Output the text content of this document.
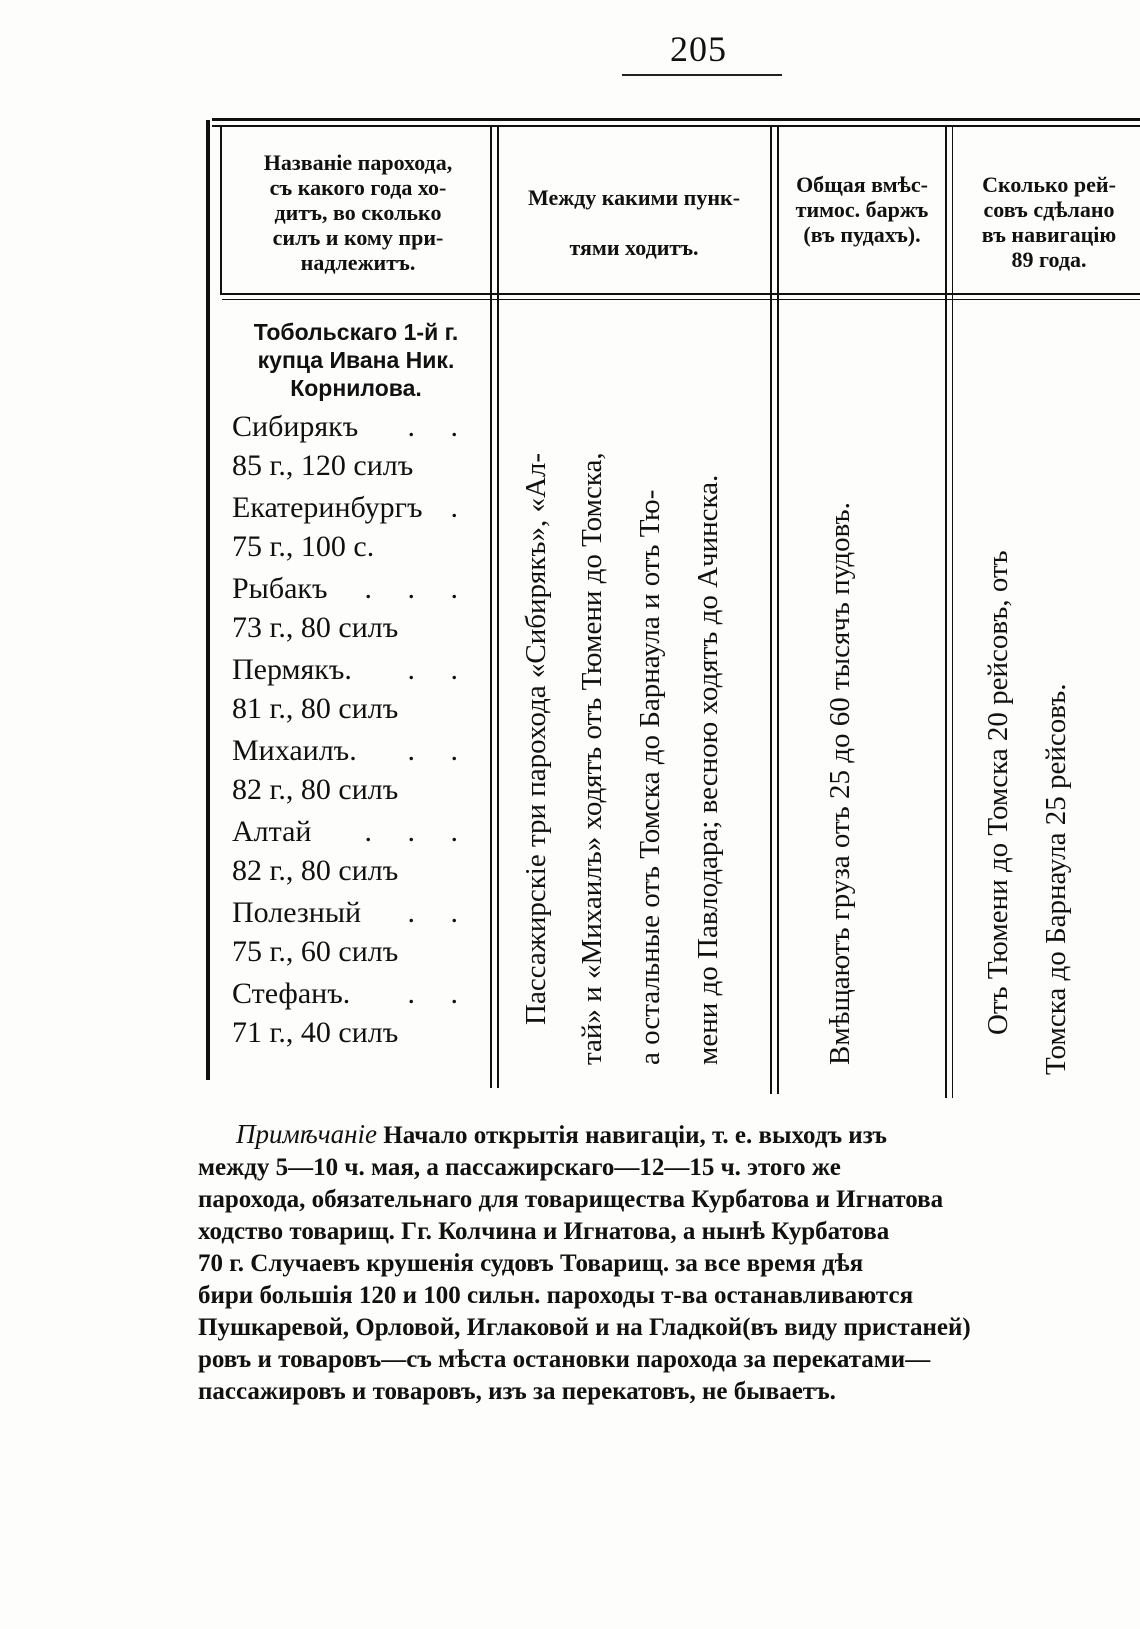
205
Названіе парохода,
съ какого года хо-
дитъ, во сколько
силъ и кому при-
надлежитъ.
Между какими пунк-

тями ходитъ.
Общая вмѣс-
тимос. баржъ
(въ пудахъ).
Сколько рей-
совъ сдѣлано
въ навигацію
89 года.
Тобольскаго 1-й г.
купца Ивана Ник.
Корнилова.
Сибирякъ . .
85 г., 120 силъ
Екатеринбургъ .
75 г., 100 с.
Рыбакъ . . .
73 г., 80 силъ
Пермякъ. . .
81 г., 80 силъ
Михаилъ. . .
82 г., 80 силъ
Алтай . . .
82 г., 80 силъ
Полезный . .
75 г., 60 силъ
Стефанъ. . .
71 г., 40 силъ
Пассажирскіе три парохода «Сибирякъ», «Ал- тай» и «Михаилъ» ходятъ отъ Тюмени до Томска, а остальные отъ Томска до Барнаула и отъ Тю- мени до Павлодара; весною ходятъ до Ачинска.	Вмѣщаютъ груза отъ 25 до 60 тысячъ пудовъ.	Отъ Тюмени до Томска 20 рейсовъ, отъ Томска до Барнаула 25 рейсовъ.
Примѣчаніе Начало открытія навигаціи, т. е. выходъ изъ
между 5—10 ч. мая, а пассажирскаго—12—15 ч. этого же
парохода, обязательнаго для товарищества Курбатова и Игнатова
ходство товарищ. Гг. Колчина и Игнатова, а нынѣ Курбатова
70 г. Случаевъ крушенія судовъ Товарищ. за все время дѣя
бири большія 120 и 100 сильн. пароходы т-ва останавливаются
Пушкаревой, Орловой, Иглаковой и на Гладкой(въ виду пристаней)
ровъ и товаровъ—съ мѣста остановки парохода за перекатами—
пассажировъ и товаровъ, изъ за перекатовъ, не бываетъ.
